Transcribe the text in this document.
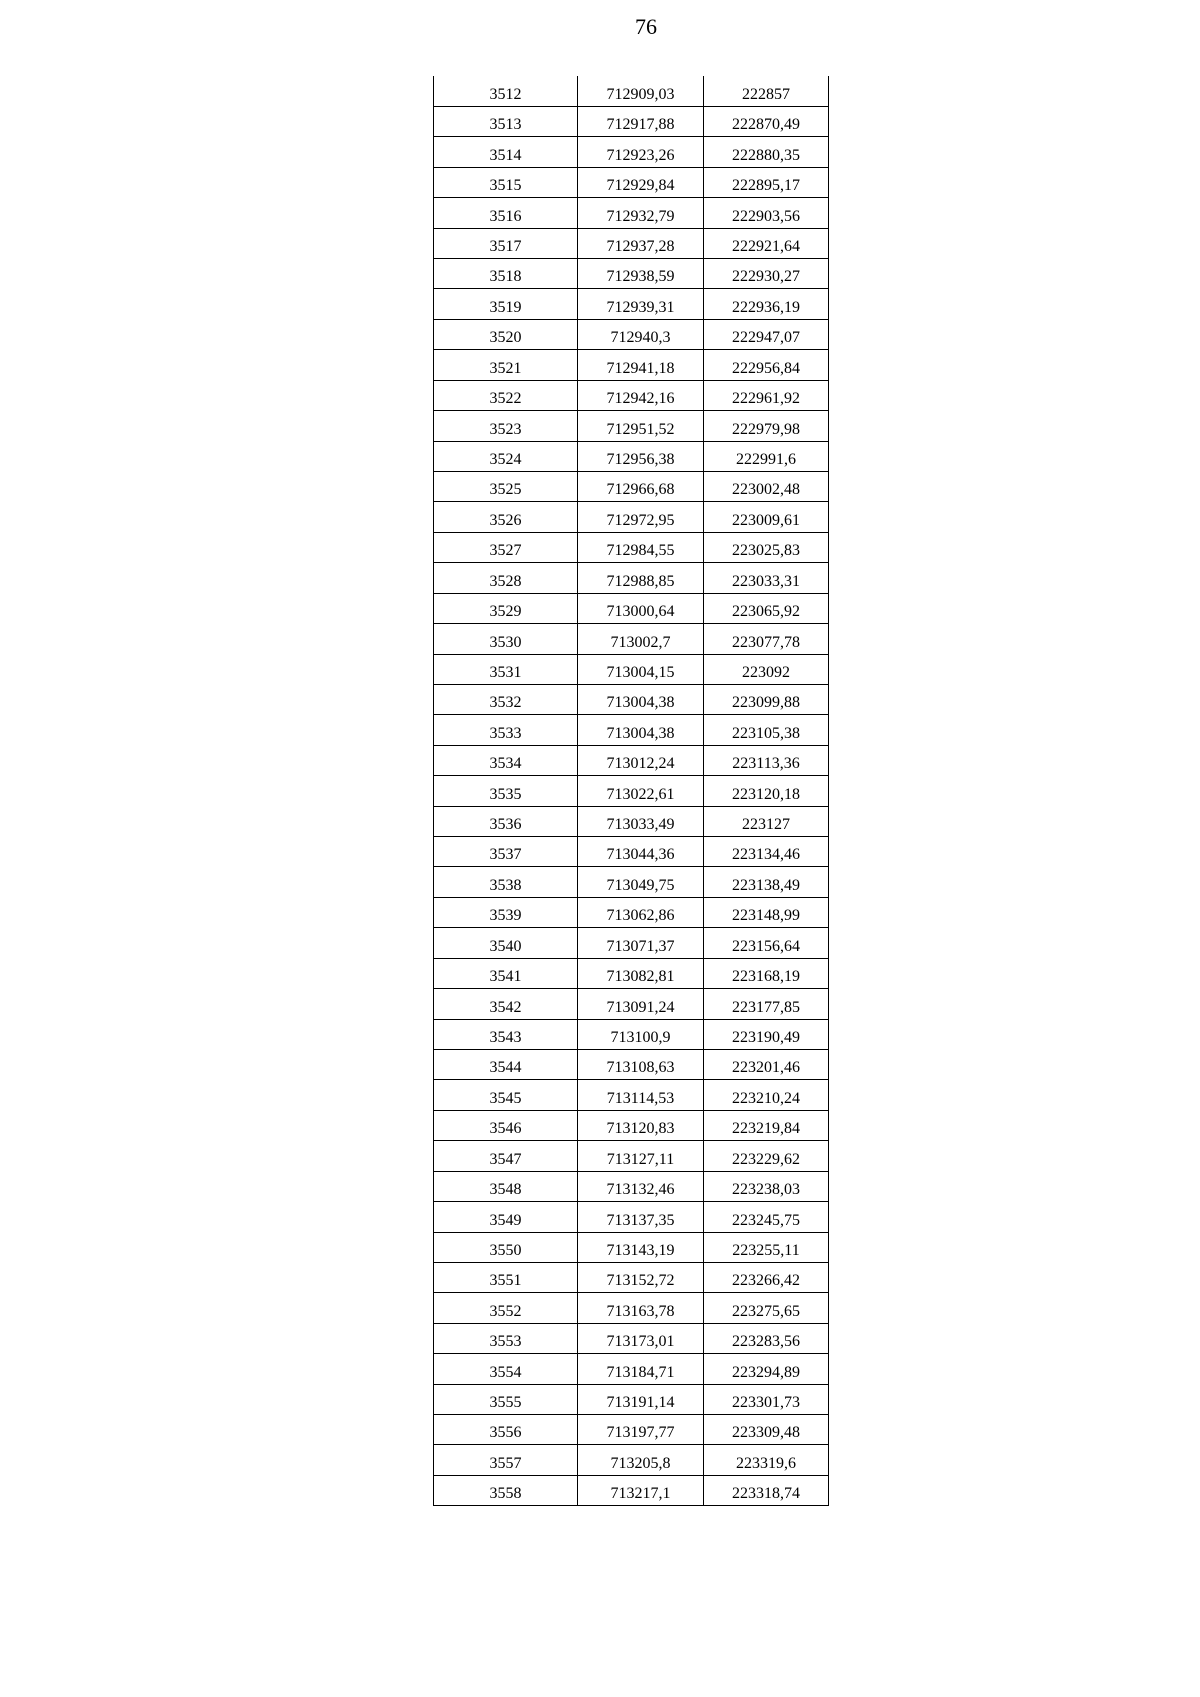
76
3512	712909,03	222857
3513	712917,88	222870,49
3514	712923,26	222880,35
3515	712929,84	222895,17
3516	712932,79	222903,56
3517	712937,28	222921,64
3518	712938,59	222930,27
3519	712939,31	222936,19
3520	712940,3	222947,07
3521	712941,18	222956,84
3522	712942,16	222961,92
3523	712951,52	222979,98
3524	712956,38	222991,6
3525	712966,68	223002,48
3526	712972,95	223009,61
3527	712984,55	223025,83
3528	712988,85	223033,31
3529	713000,64	223065,92
3530	713002,7	223077,78
3531	713004,15	223092
3532	713004,38	223099,88
3533	713004,38	223105,38
3534	713012,24	223113,36
3535	713022,61	223120,18
3536	713033,49	223127
3537	713044,36	223134,46
3538	713049,75	223138,49
3539	713062,86	223148,99
3540	713071,37	223156,64
3541	713082,81	223168,19
3542	713091,24	223177,85
3543	713100,9	223190,49
3544	713108,63	223201,46
3545	713114,53	223210,24
3546	713120,83	223219,84
3547	713127,11	223229,62
3548	713132,46	223238,03
3549	713137,35	223245,75
3550	713143,19	223255,11
3551	713152,72	223266,42
3552	713163,78	223275,65
3553	713173,01	223283,56
3554	713184,71	223294,89
3555	713191,14	223301,73
3556	713197,77	223309,48
3557	713205,8	223319,6
3558	713217,1	223318,74
